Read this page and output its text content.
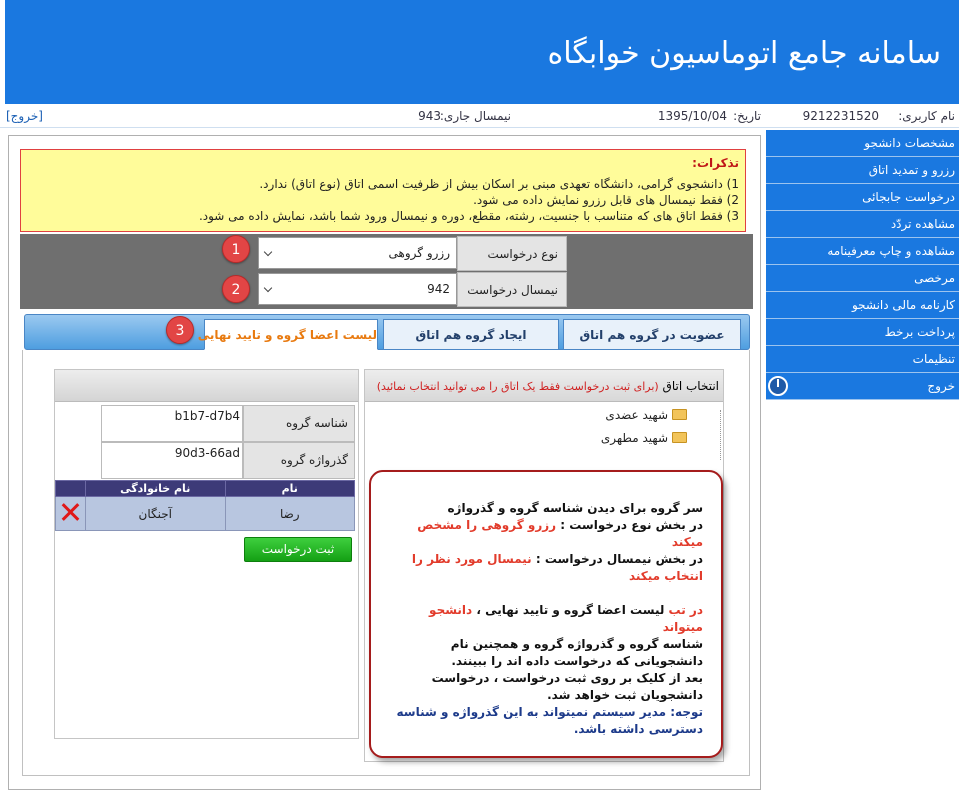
سامانه جامع اتوماسیون خوابگاه
نام کاربری:
9212231520
تاریخ:
1395/10/04
نیمسال جاری:
943
[خروج]
مشخصات دانشجو
رزرو و تمدید اتاق
درخواست جابجائی
مشاهده تردّد
مشاهده و چاپ معرفینامه
مرخصی
کارنامه مالی دانشجو
پرداخت برخط
تنظیمات
خروج
تذکرات:
1) دانشجوی گرامی، دانشگاه تعهدی مبنی بر اسکان بیش از ظرفیت اسمی اتاق (نوع اتاق) ندارد.
2) فقط نیمسال های قابل رزرو نمایش داده می شود.
3) فقط اتاق های که متناسب با جنسیت، رشته، مقطع، دوره و نیمسال ورود شما باشد، نمایش داده می شود.
نوع درخواست
رزرو گروهی
نیمسال درخواست
942
1
2
عضویت در گروه هم اتاق
ایجاد گروه هم اتاق
لیست اعضا گروه و تایید نهایی
3
انتخاب اتاق (برای ثبت درخواست فقط یک اتاق را می توانید انتخاب نمائید)
شهید عضدی
شهید مطهری
b1b7-d7b4	شناسه گروه
90d3-66ad	گذرواژه گروه
	نام خانوادگی	نام
	آجنگان	رضا
ثبت درخواست

سر گروه برای دیدن شناسه گروه و گذرواژه

در بخش نوع درخواست : رزرو گروهی را مشخص میکند

در بخش نیمسال درخواست : نیمسال مورد نظر را انتخاب میکند

در تب لیست اعضا گروه و تایید نهایی ، دانشجو میتواند

شناسه گروه و گذرواژه گروه و همچنین نام دانشجویانی که درخواست داده اند را ببینند.

بعد از کلیک بر روی ثبت درخواست ، درخواست دانشجویان ثبت خواهد شد.

توجه: مدیر سیستم نمیتواند به این گذرواژه و شناسه دسترسی داشته باشد.
